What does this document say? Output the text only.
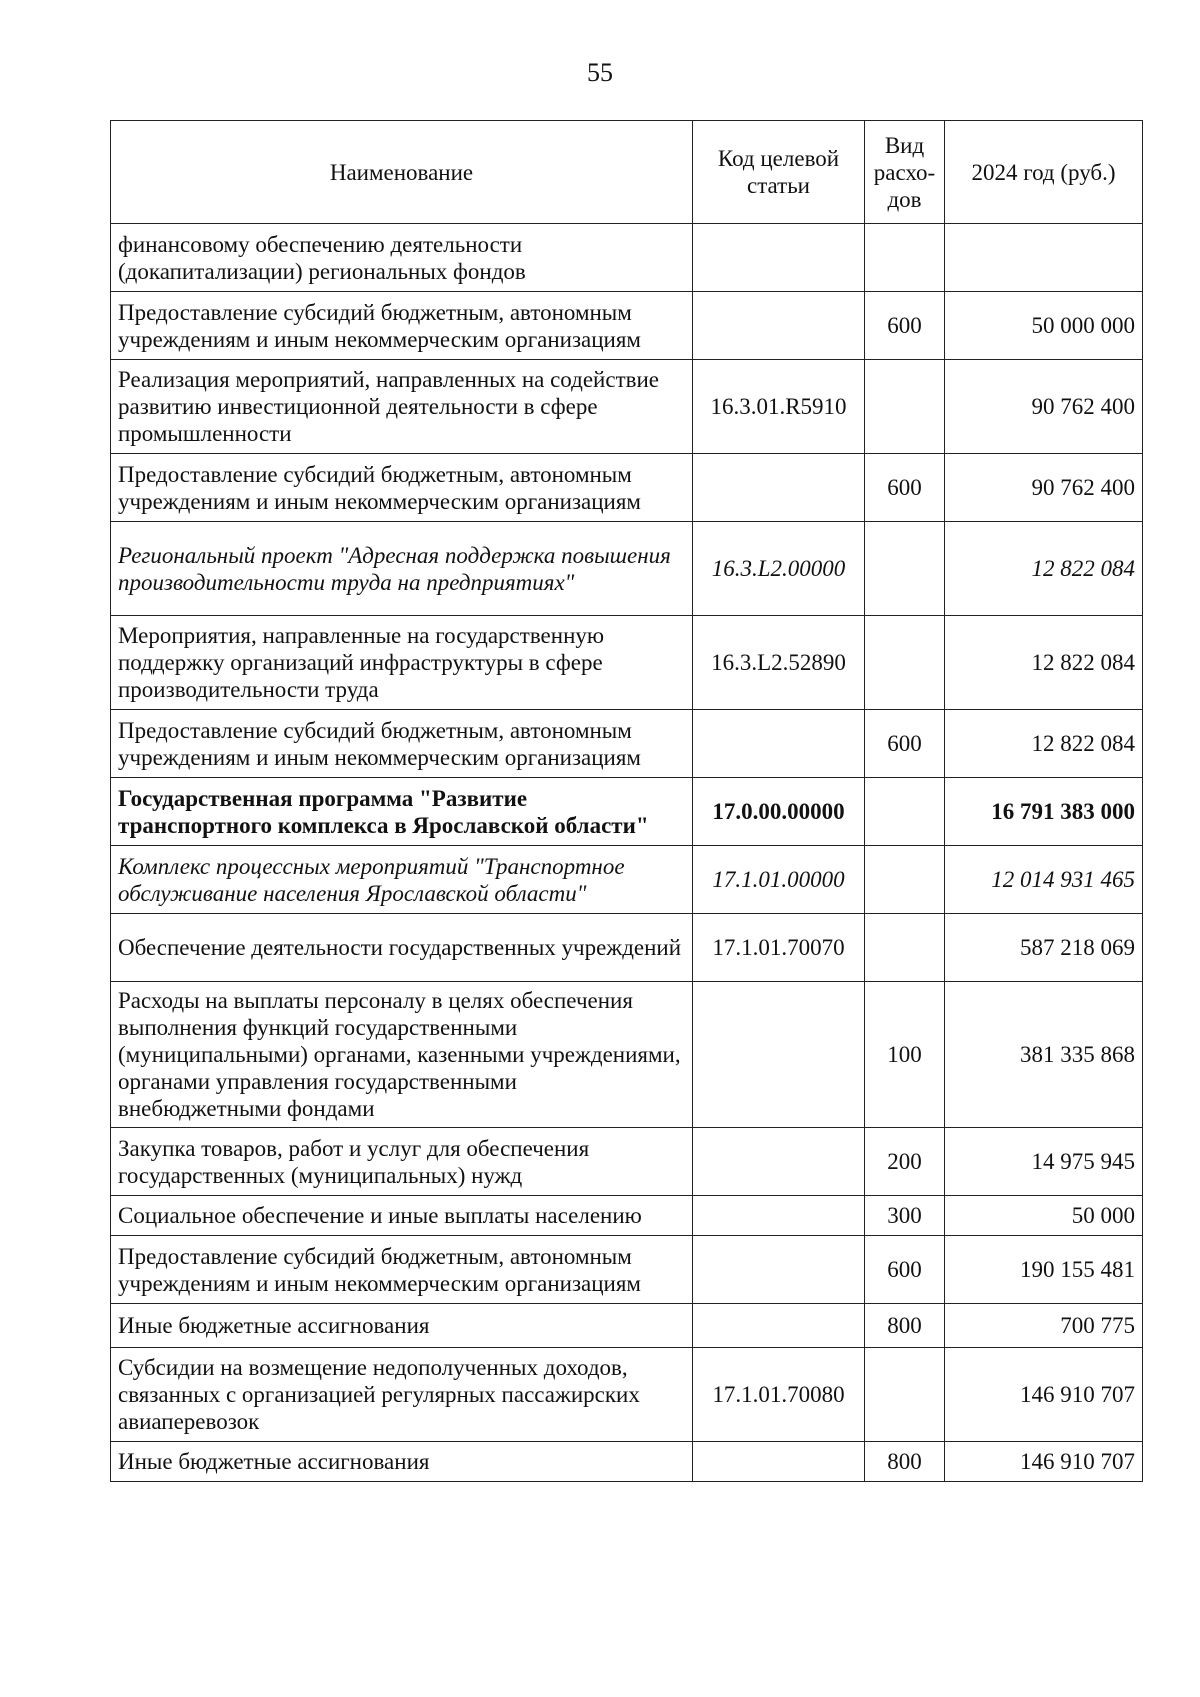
55
Наименование	Код целевой статьи	Вид расхо-дов	2024 год (руб.)
финансовому обеспечению деятельности (докапитализации) региональных фондов			
Предоставление субсидий бюджетным, автономным учреждениям и иным некоммерческим организациям		600	50 000 000
Реализация мероприятий, направленных на содействие развитию инвестиционной деятельности в сфере промышленности	16.3.01.R5910		90 762 400
Предоставление субсидий бюджетным, автономным учреждениям и иным некоммерческим организациям		600	90 762 400
Региональный проект "Адресная поддержка повышения производительности труда на предприятиях"	16.3.L2.00000		12 822 084
Мероприятия, направленные на государственную поддержку организаций инфраструктуры в сфере производительности труда	16.3.L2.52890		12 822 084
Предоставление субсидий бюджетным, автономным учреждениям и иным некоммерческим организациям		600	12 822 084
Государственная программа "Развитие транспортного комплекса в Ярославской области"	17.0.00.00000		16 791 383 000
Комплекс процессных мероприятий "Транспортное обслуживание населения Ярославской области"	17.1.01.00000		12 014 931 465
Обеспечение деятельности государственных учреждений	17.1.01.70070		587 218 069
Расходы на выплаты персоналу в целях обеспечения выполнения функций государственными (муниципальными) органами, казенными учреждениями, органами управления государственными внебюджетными фондами		100	381 335 868
Закупка товаров, работ и услуг для обеспечения государственных (муниципальных) нужд		200	14 975 945
Социальное обеспечение и иные выплаты населению		300	50 000
Предоставление субсидий бюджетным, автономным учреждениям и иным некоммерческим организациям		600	190 155 481
Иные бюджетные ассигнования		800	700 775
Субсидии на возмещение недополученных доходов, связанных с организацией регулярных пассажирских авиаперевозок	17.1.01.70080		146 910 707
Иные бюджетные ассигнования		800	146 910 707
